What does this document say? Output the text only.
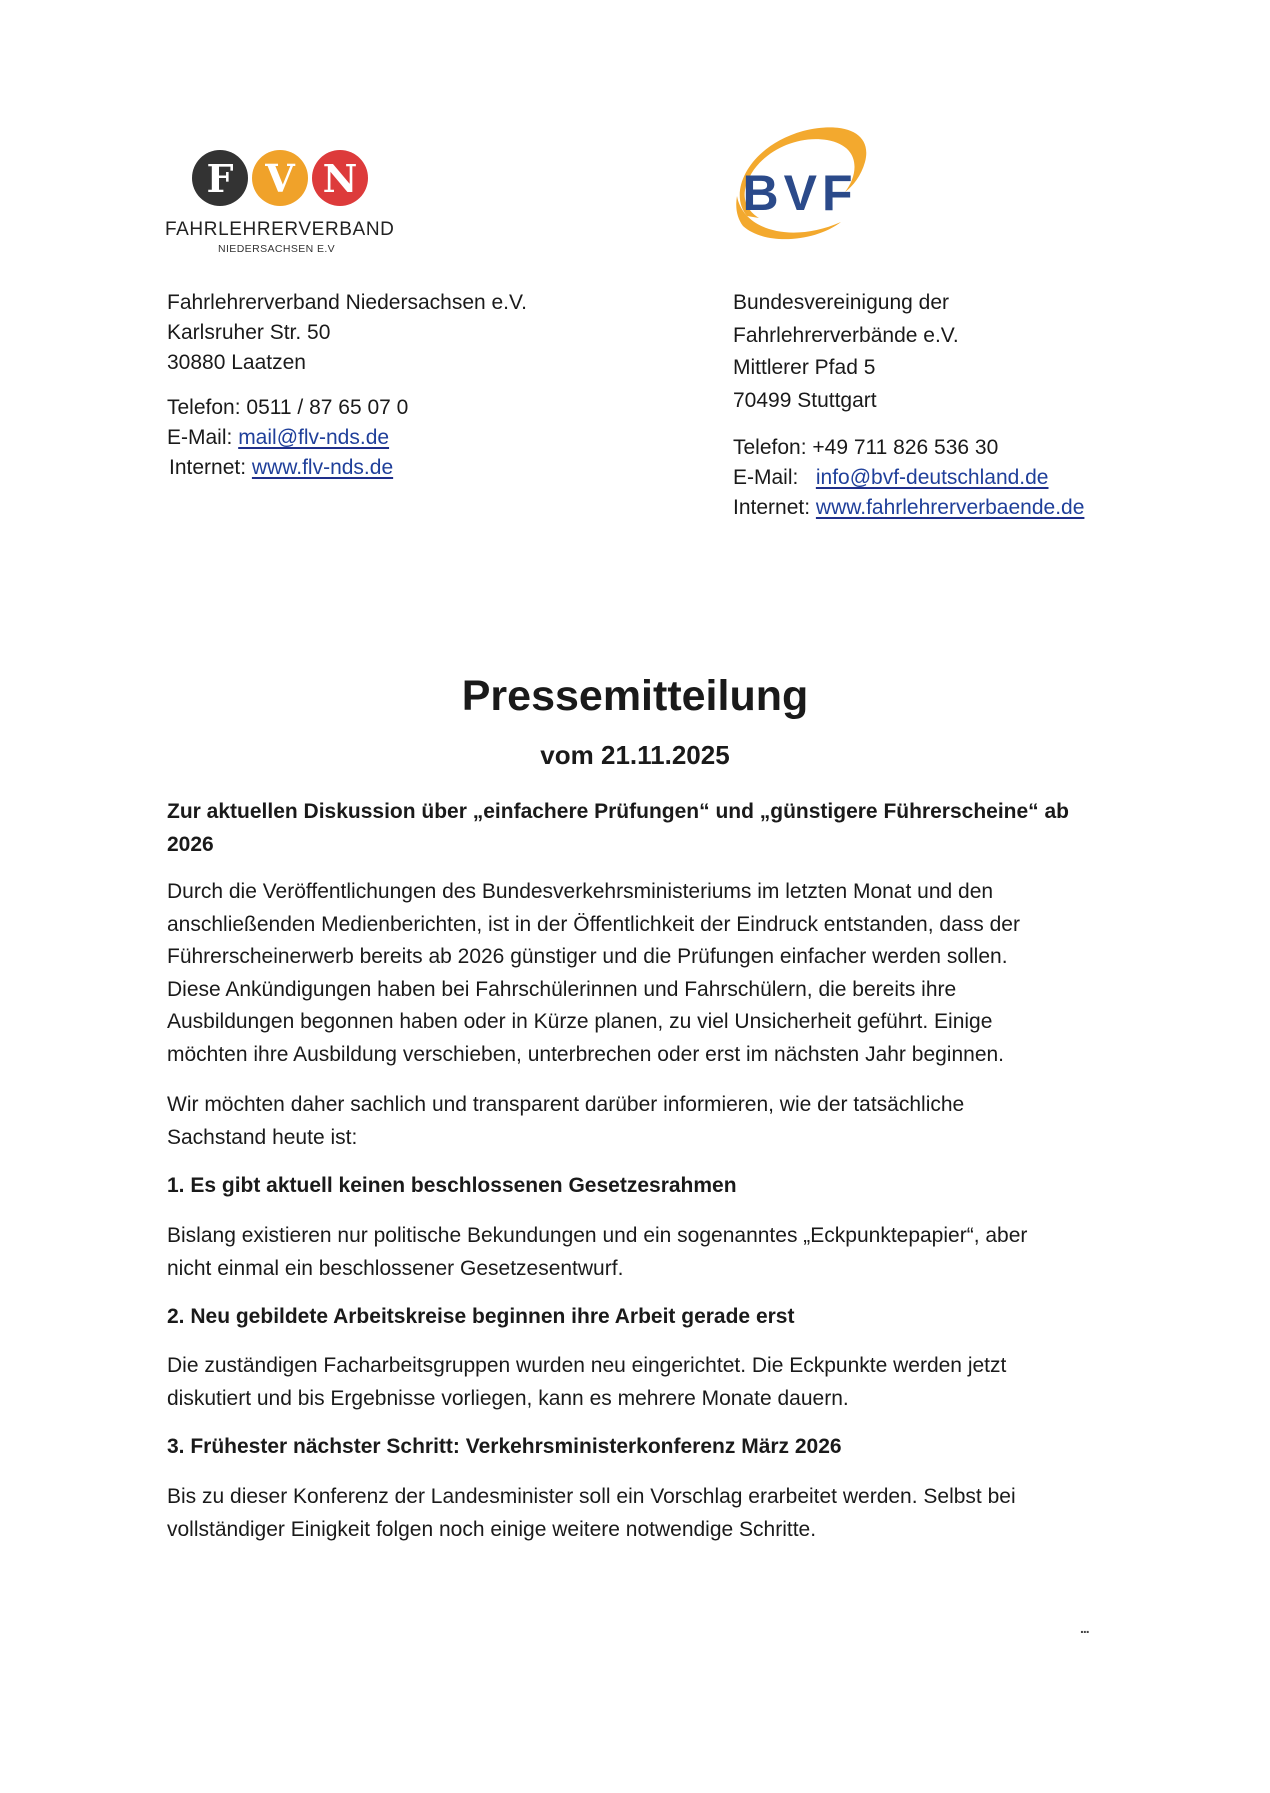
F V N
FAHRLEHRERVERBAND
NIEDERSACHSEN E.V
BVF
Fahrlehrerverband Niedersachsen e.V.
Karlsruher Str. 50
30880 Laatzen
Telefon: 0511 / 87 65 07 0
E-Mail: mail@flv-nds.de
Internet: www.flv-nds.de
Bundesvereinigung der
Fahrlehrerverbände e.V.
Mittlerer Pfad 5
70499 Stuttgart
Telefon: +49 711 826 536 30
E-Mail: info@bvf-deutschland.de
Internet: www.fahrlehrerverbaende.de
Pressemitteilung
vom 21.11.2025
Zur aktuellen Diskussion über „einfachere Prüfungen“ und „günstigere Führerscheine“ ab
2026
Durch die Veröffentlichungen des Bundesverkehrsministeriums im letzten Monat und den
anschließenden Medienberichten, ist in der Öffentlichkeit der Eindruck entstanden, dass der
Führerscheinerwerb bereits ab 2026 günstiger und die Prüfungen einfacher werden sollen.
Diese Ankündigungen haben bei Fahrschülerinnen und Fahrschülern, die bereits ihre
Ausbildungen begonnen haben oder in Kürze planen, zu viel Unsicherheit geführt. Einige
möchten ihre Ausbildung verschieben, unterbrechen oder erst im nächsten Jahr beginnen.
Wir möchten daher sachlich und transparent darüber informieren, wie der tatsächliche
Sachstand heute ist:
1. Es gibt aktuell keinen beschlossenen Gesetzesrahmen
Bislang existieren nur politische Bekundungen und ein sogenanntes „Eckpunktepapier“, aber
nicht einmal ein beschlossener Gesetzesentwurf.
2. Neu gebildete Arbeitskreise beginnen ihre Arbeit gerade erst
Die zuständigen Facharbeitsgruppen wurden neu eingerichtet. Die Eckpunkte werden jetzt
diskutiert und bis Ergebnisse vorliegen, kann es mehrere Monate dauern.
3. Frühester nächster Schritt: Verkehrsministerkonferenz März 2026
Bis zu dieser Konferenz der Landesminister soll ein Vorschlag erarbeitet werden. Selbst bei
vollständiger Einigkeit folgen noch einige weitere notwendige Schritte.
...
